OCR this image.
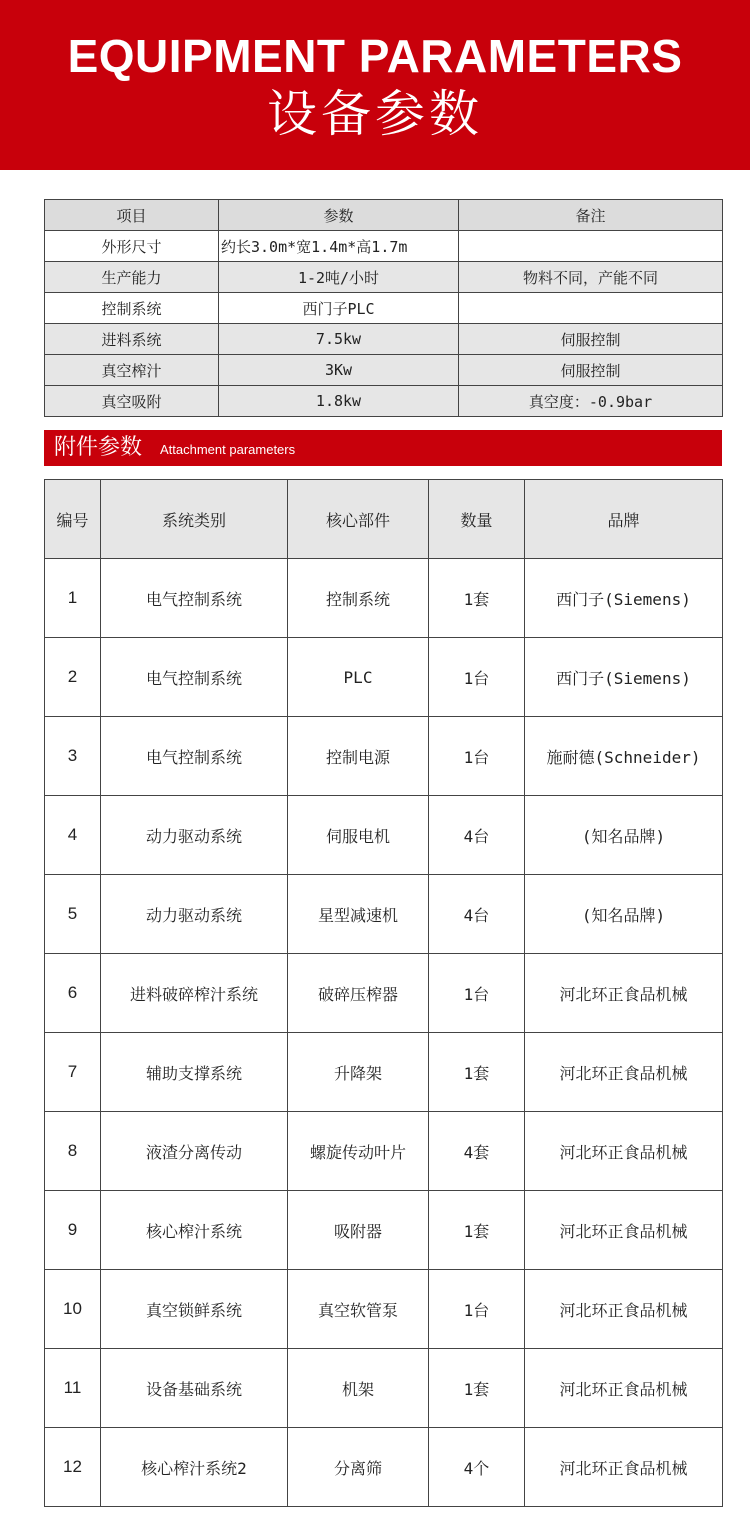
EQUIPMENT PARAMETERS
设备参数
项目	参数	备注
外形尺寸	约长3.0m*宽1.4m*高1.7m	
生产能力	1-2吨/小时	物料不同，产能不同
控制系统	西门子PLC	
进料系统	7.5kw	伺服控制
真空榨汁	3Kw	伺服控制
真空吸附	1.8kw	真空度：-0.9bar
附件参数 Attachment parameters
编号	系统类别	核心部件	数量	品牌
1	电气控制系统	控制系统	1套	西门子(Siemens)
2	电气控制系统	PLC	1台	西门子(Siemens)
3	电气控制系统	控制电源	1台	施耐德(Schneider)
4	动力驱动系统	伺服电机	4台	(知名品牌)
5	动力驱动系统	星型减速机	4台	(知名品牌)
6	进料破碎榨汁系统	破碎压榨器	1台	河北环正食品机械
7	辅助支撑系统	升降架	1套	河北环正食品机械
8	液渣分离传动	螺旋传动叶片	4套	河北环正食品机械
9	核心榨汁系统	吸附器	1套	河北环正食品机械
10	真空锁鲜系统	真空软管泵	1台	河北环正食品机械
11	设备基础系统	机架	1套	河北环正食品机械
12	核心榨汁系统2	分离筛	4个	河北环正食品机械
